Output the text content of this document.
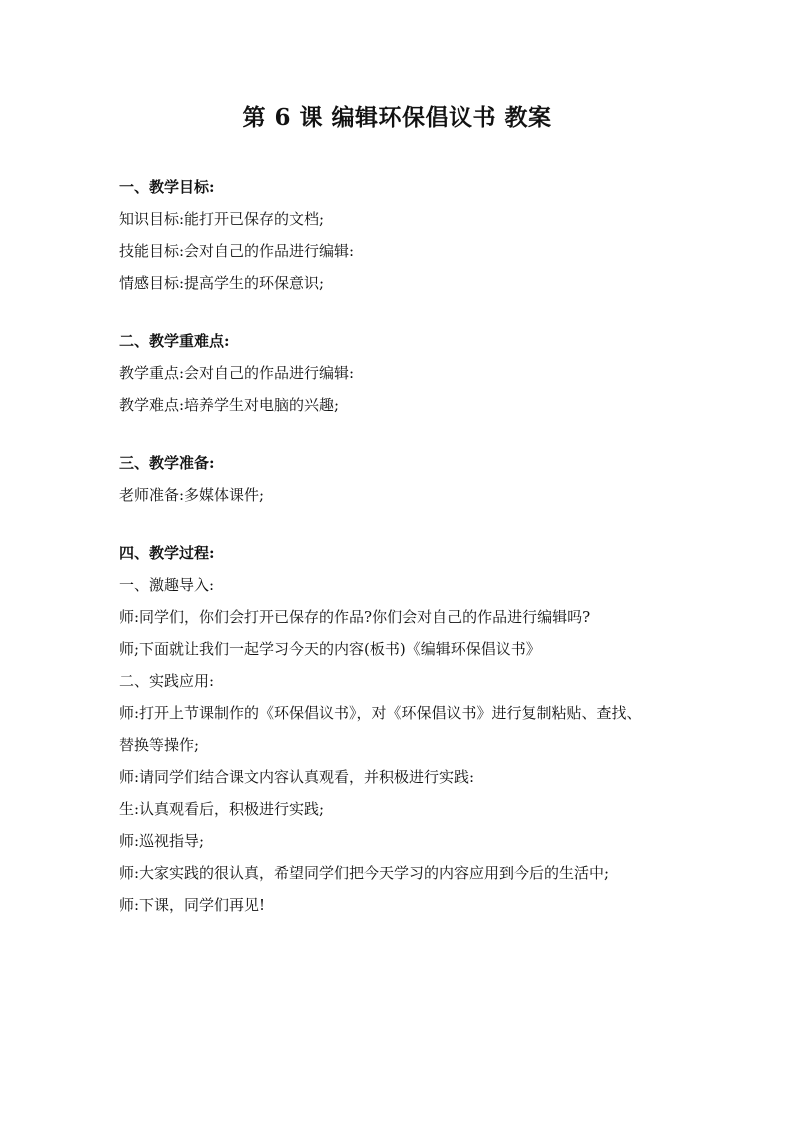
第 6 课 编辑环保倡议书 教案
一、教学目标:
知识目标:能打开已保存的文档;
技能目标:会对自己的作品进行编辑:
情感目标:提高学生的环保意识;
二、教学重难点:
教学重点:会对自己的作品进行编辑:
教学难点:培养学生对电脑的兴趣;
三、教学准备:
老师准备:多媒体课件;
四、教学过程:
一、激趣导入:
师:同学们，你们会打开已保存的作品?你们会对自己的作品进行编辑吗?
师;下面就让我们一起学习今天的内容(板书)《编辑环保倡议书》
二、实践应用:
师:打开上节课制作的《环保倡议书》，对《环保倡议书》进行复制粘贴、查找、
替换等操作;
师:请同学们结合课文内容认真观看，并积极进行实践:
生:认真观看后，积极进行实践;
师:巡视指导;
师:大家实践的很认真，希望同学们把今天学习的内容应用到今后的生活中;
师:下课，同学们再见!
